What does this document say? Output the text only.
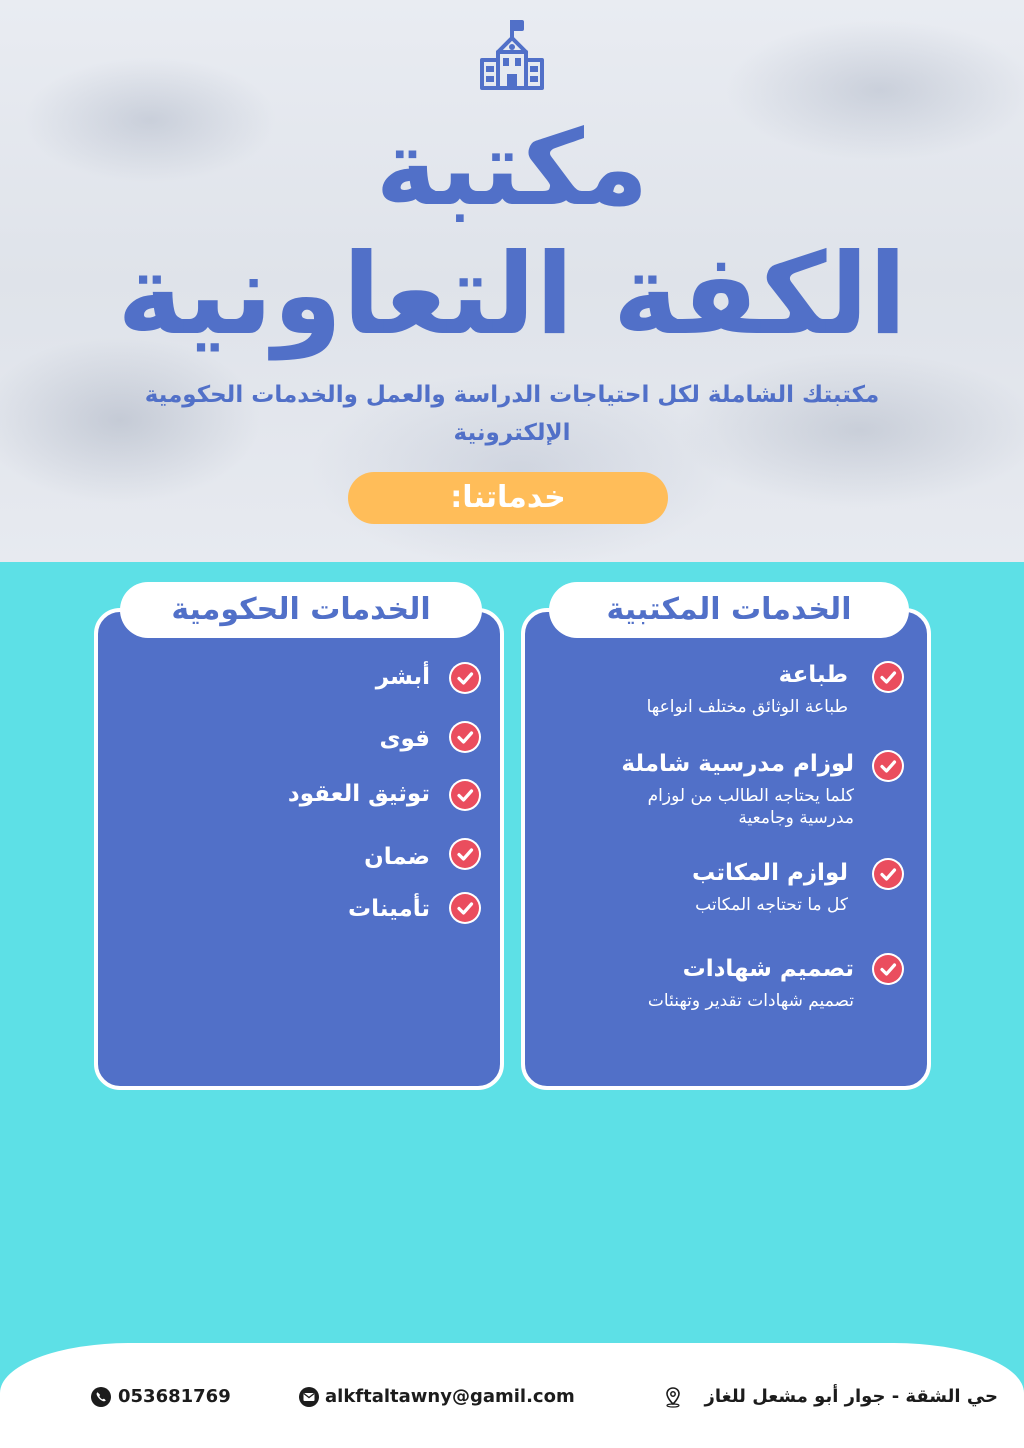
مكتبة
الكفة التعاونية
مكتبتك الشاملة لكل احتياجات الدراسة والعمل والخدمات الحكومية الإلكترونية
خدماتنا:
الخدمات الحكومية	الخدمات المكتبية
أبشر
قوى
توثيق العقود
ضمان
تأمينات
طباعة
طباعة الوثائق مختلف انواعها
لوزام مدرسية شاملة
كلما يحتاجه الطالب من لوزام مدرسية وجامعية
لوازم المكاتب
كل ما تحتاجه المكاتب
تصميم شهادات
تصميم شهادات تقدير وتهنئات
053681769	alkftaltawny@gamil.com	حي الشقة - جوار أبو مشعل للغاز
